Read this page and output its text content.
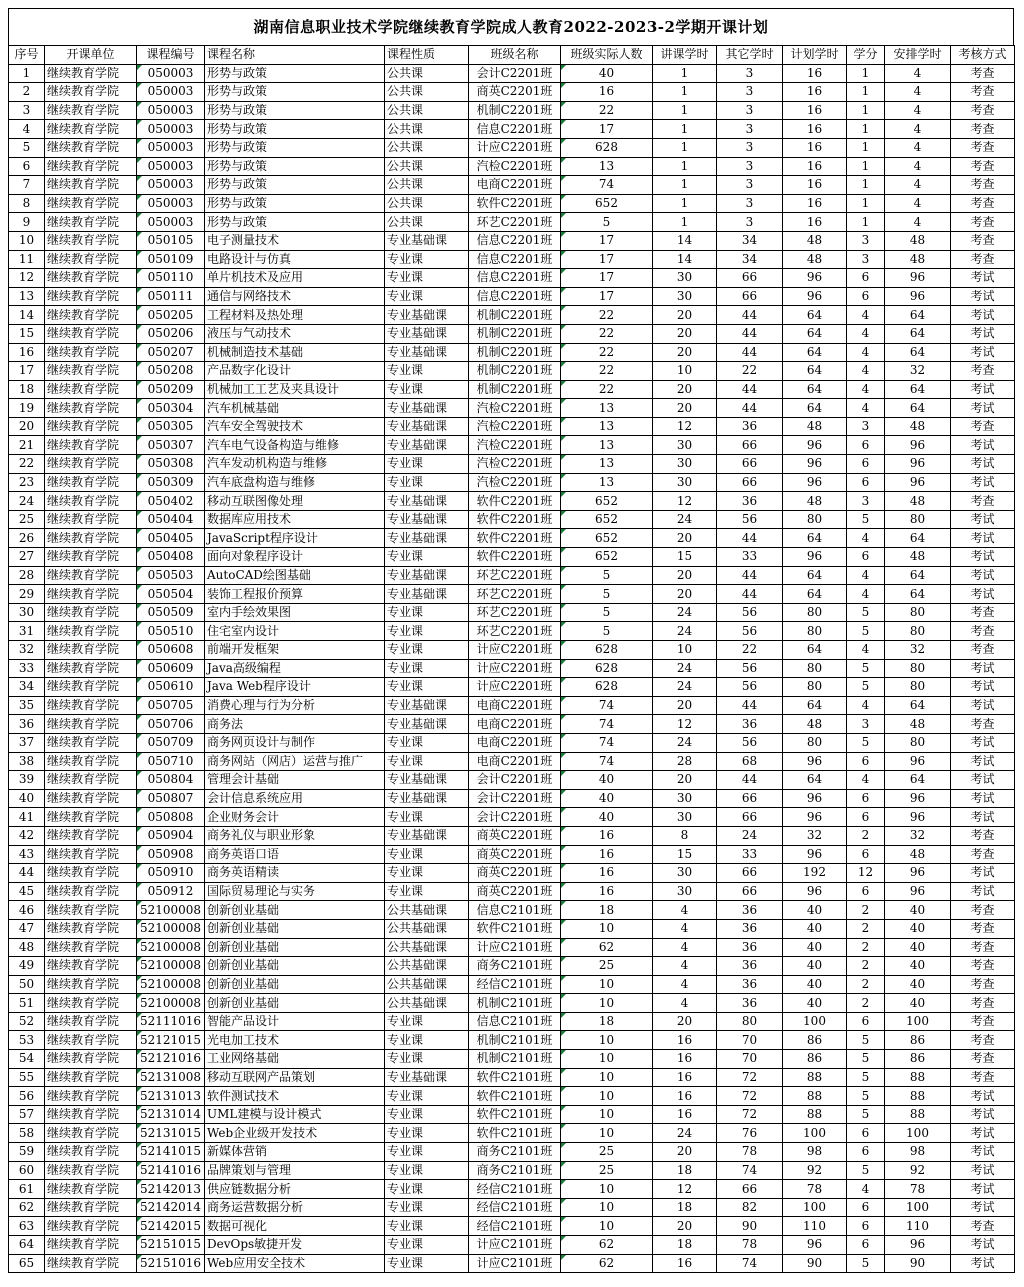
湖南信息职业技术学院继续教育学院成人教育2022-2023-2学期开课计划
序号	开课单位	课程编号	课程名称	课程性质	班级名称	班级实际人数	讲课学时	其它学时	计划学时	学分	安排学时	考核方式
1	继续教育学院	050003	形势与政策	公共课	会计C2201班	40	1	3	16	1	4	考查
2	继续教育学院	050003	形势与政策	公共课	商英C2201班	16	1	3	16	1	4	考查
3	继续教育学院	050003	形势与政策	公共课	机制C2201班	22	1	3	16	1	4	考查
4	继续教育学院	050003	形势与政策	公共课	信息C2201班	17	1	3	16	1	4	考查
5	继续教育学院	050003	形势与政策	公共课	计应C2201班	628	1	3	16	1	4	考查
6	继续教育学院	050003	形势与政策	公共课	汽检C2201班	13	1	3	16	1	4	考查
7	继续教育学院	050003	形势与政策	公共课	电商C2201班	74	1	3	16	1	4	考查
8	继续教育学院	050003	形势与政策	公共课	软件C2201班	652	1	3	16	1	4	考查
9	继续教育学院	050003	形势与政策	公共课	环艺C2201班	5	1	3	16	1	4	考查
10	继续教育学院	050105	电子测量技术	专业基础课	信息C2201班	17	14	34	48	3	48	考查
11	继续教育学院	050109	电路设计与仿真	专业课	信息C2201班	17	14	34	48	3	48	考查
12	继续教育学院	050110	单片机技术及应用	专业课	信息C2201班	17	30	66	96	6	96	考试
13	继续教育学院	050111	通信与网络技术	专业课	信息C2201班	17	30	66	96	6	96	考试
14	继续教育学院	050205	工程材料及热处理	专业基础课	机制C2201班	22	20	44	64	4	64	考试
15	继续教育学院	050206	液压与气动技术	专业基础课	机制C2201班	22	20	44	64	4	64	考试
16	继续教育学院	050207	机械制造技术基础	专业基础课	机制C2201班	22	20	44	64	4	64	考试
17	继续教育学院	050208	产品数字化设计	专业课	机制C2201班	22	10	22	64	4	32	考查
18	继续教育学院	050209	机械加工工艺及夹具设计	专业课	机制C2201班	22	20	44	64	4	64	考试
19	继续教育学院	050304	汽车机械基础	专业基础课	汽检C2201班	13	20	44	64	4	64	考试
20	继续教育学院	050305	汽车安全驾驶技术	专业基础课	汽检C2201班	13	12	36	48	3	48	考查
21	继续教育学院	050307	汽车电气设备构造与维修	专业基础课	汽检C2201班	13	30	66	96	6	96	考试
22	继续教育学院	050308	汽车发动机构造与维修	专业课	汽检C2201班	13	30	66	96	6	96	考试
23	继续教育学院	050309	汽车底盘构造与维修	专业课	汽检C2201班	13	30	66	96	6	96	考试
24	继续教育学院	050402	移动互联图像处理	专业基础课	软件C2201班	652	12	36	48	3	48	考查
25	继续教育学院	050404	数据库应用技术	专业基础课	软件C2201班	652	24	56	80	5	80	考试
26	继续教育学院	050405	JavaScript程序设计	专业基础课	软件C2201班	652	20	44	64	4	64	考试
27	继续教育学院	050408	面向对象程序设计	专业课	软件C2201班	652	15	33	96	6	48	考试
28	继续教育学院	050503	AutoCAD绘图基础	专业基础课	环艺C2201班	5	20	44	64	4	64	考试
29	继续教育学院	050504	装饰工程报价预算	专业基础课	环艺C2201班	5	20	44	64	4	64	考试
30	继续教育学院	050509	室内手绘效果图	专业课	环艺C2201班	5	24	56	80	5	80	考查
31	继续教育学院	050510	住宅室内设计	专业课	环艺C2201班	5	24	56	80	5	80	考查
32	继续教育学院	050608	前端开发框架	专业课	计应C2201班	628	10	22	64	4	32	考查
33	继续教育学院	050609	Java高级编程	专业课	计应C2201班	628	24	56	80	5	80	考试
34	继续教育学院	050610	Java Web程序设计	专业课	计应C2201班	628	24	56	80	5	80	考试
35	继续教育学院	050705	消费心理与行为分析	专业基础课	电商C2201班	74	20	44	64	4	64	考试
36	继续教育学院	050706	商务法	专业基础课	电商C2201班	74	12	36	48	3	48	考查
37	继续教育学院	050709	商务网页设计与制作	专业课	电商C2201班	74	24	56	80	5	80	考试
38	继续教育学院	050710	商务网站（网店）运营与推广	专业课	电商C2201班	74	28	68	96	6	96	考试
39	继续教育学院	050804	管理会计基础	专业基础课	会计C2201班	40	20	44	64	4	64	考试
40	继续教育学院	050807	会计信息系统应用	专业基础课	会计C2201班	40	30	66	96	6	96	考试
41	继续教育学院	050808	企业财务会计	专业课	会计C2201班	40	30	66	96	6	96	考试
42	继续教育学院	050904	商务礼仪与职业形象	专业基础课	商英C2201班	16	8	24	32	2	32	考查
43	继续教育学院	050908	商务英语口语	专业课	商英C2201班	16	15	33	96	6	48	考查
44	继续教育学院	050910	商务英语精读	专业课	商英C2201班	16	30	66	192	12	96	考试
45	继续教育学院	050912	国际贸易理论与实务	专业课	商英C2201班	16	30	66	96	6	96	考试
46	继续教育学院	52100008	创新创业基础	公共基础课	信息C2101班	18	4	36	40	2	40	考查
47	继续教育学院	52100008	创新创业基础	公共基础课	软件C2101班	10	4	36	40	2	40	考查
48	继续教育学院	52100008	创新创业基础	公共基础课	计应C2101班	62	4	36	40	2	40	考查
49	继续教育学院	52100008	创新创业基础	公共基础课	商务C2101班	25	4	36	40	2	40	考查
50	继续教育学院	52100008	创新创业基础	公共基础课	经信C2101班	10	4	36	40	2	40	考查
51	继续教育学院	52100008	创新创业基础	公共基础课	机制C2101班	10	4	36	40	2	40	考查
52	继续教育学院	52111016	智能产品设计	专业课	信息C2101班	18	20	80	100	6	100	考查
53	继续教育学院	52121015	光电加工技术	专业课	机制C2101班	10	16	70	86	5	86	考查
54	继续教育学院	52121016	工业网络基础	专业课	机制C2101班	10	16	70	86	5	86	考查
55	继续教育学院	52131008	移动互联网产品策划	专业基础课	软件C2101班	10	16	72	88	5	88	考查
56	继续教育学院	52131013	软件测试技术	专业课	软件C2101班	10	16	72	88	5	88	考试
57	继续教育学院	52131014	UML建模与设计模式	专业课	软件C2101班	10	16	72	88	5	88	考试
58	继续教育学院	52131015	Web企业级开发技术	专业课	软件C2101班	10	24	76	100	6	100	考试
59	继续教育学院	52141015	新媒体营销	专业课	商务C2101班	25	20	78	98	6	98	考试
60	继续教育学院	52141016	品牌策划与管理	专业课	商务C2101班	25	18	74	92	5	92	考试
61	继续教育学院	52142013	供应链数据分析	专业课	经信C2101班	10	12	66	78	4	78	考试
62	继续教育学院	52142014	商务运营数据分析	专业课	经信C2101班	10	18	82	100	6	100	考试
63	继续教育学院	52142015	数据可视化	专业课	经信C2101班	10	20	90	110	6	110	考查
64	继续教育学院	52151015	DevOps敏捷开发	专业课	计应C2101班	62	18	78	96	6	96	考试
65	继续教育学院	52151016	Web应用安全技术	专业课	计应C2101班	62	16	74	90	5	90	考试
